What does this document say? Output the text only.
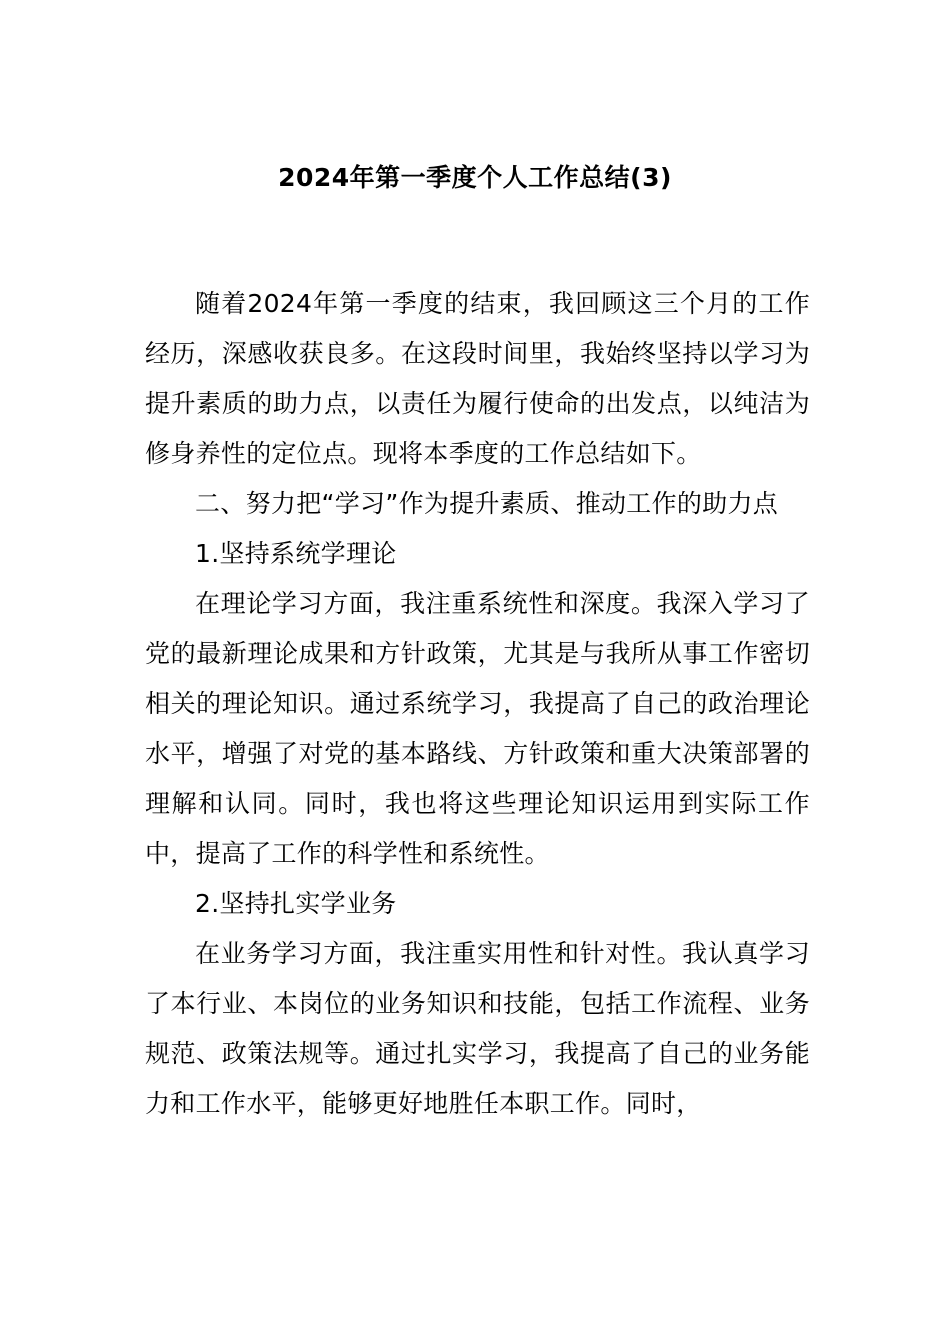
2024年第一季度个人工作总结(3)

随着2024年第一季度的结束，我回顾这三个月的工作经历，深感收获良多。在这段时间里，我始终坚持以学习为提升素质的助力点，以责任为履行使命的出发点，以纯洁为修身养性的定位点。现将本季度的工作总结如下。

二、努力把“学习”作为提升素质、推动工作的助力点

1.坚持系统学理论

在理论学习方面，我注重系统性和深度。我深入学习了党的最新理论成果和方针政策，尤其是与我所从事工作密切相关的理论知识。通过系统学习，我提高了自己的政治理论水平，增强了对党的基本路线、方针政策和重大决策部署的理解和认同。同时，我也将这些理论知识运用到实际工作中，提高了工作的科学性和系统性。

2.坚持扎实学业务

在业务学习方面，我注重实用性和针对性。我认真学习了本行业、本岗位的业务知识和技能，包括工作流程、业务规范、政策法规等。通过扎实学习，我提高了自己的业务能力和工作水平，能够更好地胜任本职工作。同时，
